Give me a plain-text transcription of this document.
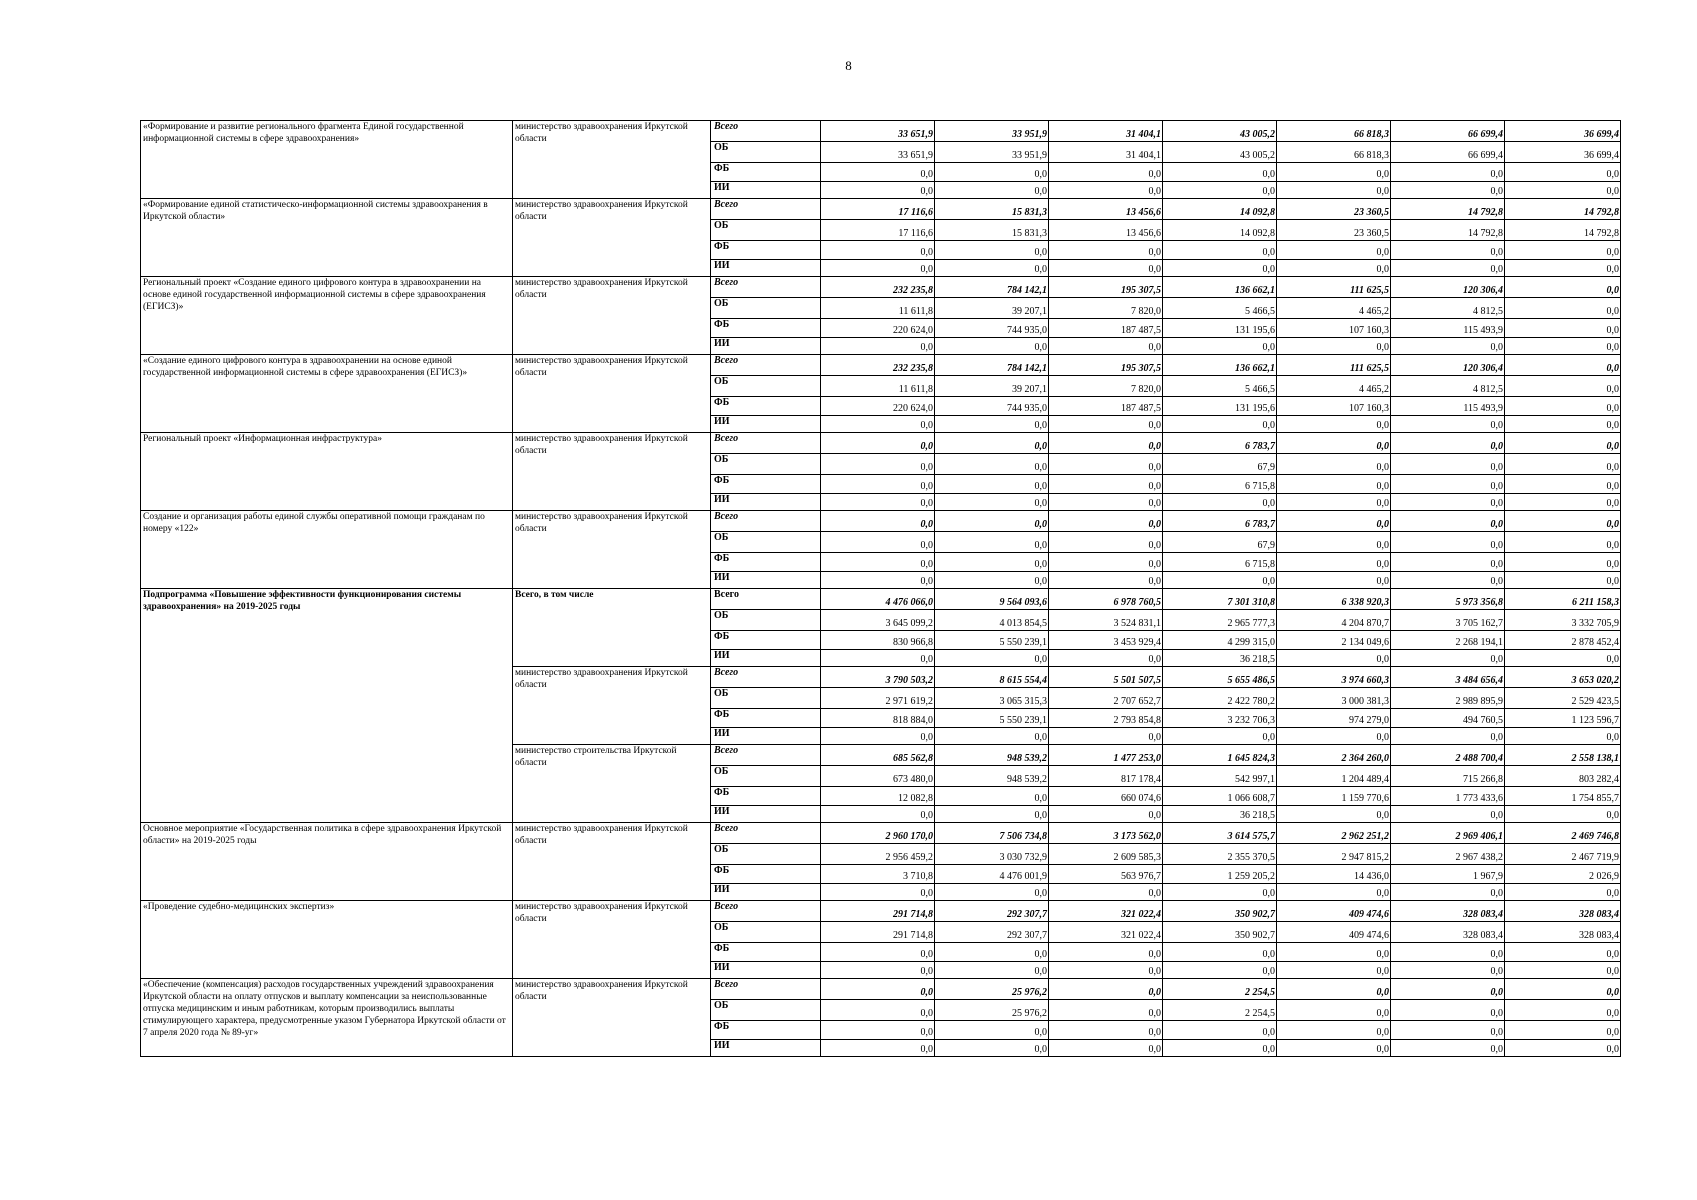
8
«Формирование и развитие регионального фрагмента Единой государственной информационной системы в сфере здравоохранения»	министерство здравоохранения Иркутской области	Всего	33 651,9	33 951,9	31 404,1	43 005,2	66 818,3	66 699,4	36 699,4
		ОБ	33 651,9	33 951,9	31 404,1	43 005,2	66 818,3	66 699,4	36 699,4
		ФБ	0,0	0,0	0,0	0,0	0,0	0,0	0,0
		ИИ	0,0	0,0	0,0	0,0	0,0	0,0	0,0
«Формирование единой статистическо-информационной системы здравоохранения в Иркутской области»	министерство здравоохранения Иркутской области	Всего	17 116,6	15 831,3	13 456,6	14 092,8	23 360,5	14 792,8	14 792,8
		ОБ	17 116,6	15 831,3	13 456,6	14 092,8	23 360,5	14 792,8	14 792,8
		ФБ	0,0	0,0	0,0	0,0	0,0	0,0	0,0
		ИИ	0,0	0,0	0,0	0,0	0,0	0,0	0,0
Региональный проект «Создание единого цифрового контура в здравоохранении на основе единой государственной информационной системы в сфере здравоохранения (ЕГИСЗ)»	министерство здравоохранения Иркутской области	Всего	232 235,8	784 142,1	195 307,5	136 662,1	111 625,5	120 306,4	0,0
		ОБ	11 611,8	39 207,1	7 820,0	5 466,5	4 465,2	4 812,5	0,0
		ФБ	220 624,0	744 935,0	187 487,5	131 195,6	107 160,3	115 493,9	0,0
		ИИ	0,0	0,0	0,0	0,0	0,0	0,0	0,0
«Создание единого цифрового контура в здравоохранении на основе единой государственной информационной системы в сфере здравоохранения (ЕГИСЗ)»	министерство здравоохранения Иркутской области	Всего	232 235,8	784 142,1	195 307,5	136 662,1	111 625,5	120 306,4	0,0
		ОБ	11 611,8	39 207,1	7 820,0	5 466,5	4 465,2	4 812,5	0,0
		ФБ	220 624,0	744 935,0	187 487,5	131 195,6	107 160,3	115 493,9	0,0
		ИИ	0,0	0,0	0,0	0,0	0,0	0,0	0,0
Региональный проект «Информационная инфраструктура»	министерство здравоохранения Иркутской области	Всего	0,0	0,0	0,0	6 783,7	0,0	0,0	0,0
		ОБ	0,0	0,0	0,0	67,9	0,0	0,0	0,0
		ФБ	0,0	0,0	0,0	6 715,8	0,0	0,0	0,0
		ИИ	0,0	0,0	0,0	0,0	0,0	0,0	0,0
Создание и организация работы единой службы оперативной помощи гражданам по номеру «122»	министерство здравоохранения Иркутской области	Всего	0,0	0,0	0,0	6 783,7	0,0	0,0	0,0
		ОБ	0,0	0,0	0,0	67,9	0,0	0,0	0,0
		ФБ	0,0	0,0	0,0	6 715,8	0,0	0,0	0,0
		ИИ	0,0	0,0	0,0	0,0	0,0	0,0	0,0
Подпрограмма «Повышение эффективности функционирования системы здравоохранения» на 2019-2025 годы	Всего, в том числе	Всего	4 476 066,0	9 564 093,6	6 978 760,5	7 301 310,8	6 338 920,3	5 973 356,8	6 211 158,3
		ОБ	3 645 099,2	4 013 854,5	3 524 831,1	2 965 777,3	4 204 870,7	3 705 162,7	3 332 705,9
		ФБ	830 966,8	5 550 239,1	3 453 929,4	4 299 315,0	2 134 049,6	2 268 194,1	2 878 452,4
		ИИ	0,0	0,0	0,0	36 218,5	0,0	0,0	0,0
	министерство здравоохранения Иркутской области	Всего	3 790 503,2	8 615 554,4	5 501 507,5	5 655 486,5	3 974 660,3	3 484 656,4	3 653 020,2
		ОБ	2 971 619,2	3 065 315,3	2 707 652,7	2 422 780,2	3 000 381,3	2 989 895,9	2 529 423,5
		ФБ	818 884,0	5 550 239,1	2 793 854,8	3 232 706,3	974 279,0	494 760,5	1 123 596,7
		ИИ	0,0	0,0	0,0	0,0	0,0	0,0	0,0
	министерство строительства Иркутской области	Всего	685 562,8	948 539,2	1 477 253,0	1 645 824,3	2 364 260,0	2 488 700,4	2 558 138,1
		ОБ	673 480,0	948 539,2	817 178,4	542 997,1	1 204 489,4	715 266,8	803 282,4
		ФБ	12 082,8	0,0	660 074,6	1 066 608,7	1 159 770,6	1 773 433,6	1 754 855,7
		ИИ	0,0	0,0	0,0	36 218,5	0,0	0,0	0,0
Основное мероприятие «Государственная политика в сфере здравоохранения Иркутской области» на 2019-2025 годы	министерство здравоохранения Иркутской области	Всего	2 960 170,0	7 506 734,8	3 173 562,0	3 614 575,7	2 962 251,2	2 969 406,1	2 469 746,8
		ОБ	2 956 459,2	3 030 732,9	2 609 585,3	2 355 370,5	2 947 815,2	2 967 438,2	2 467 719,9
		ФБ	3 710,8	4 476 001,9	563 976,7	1 259 205,2	14 436,0	1 967,9	2 026,9
		ИИ	0,0	0,0	0,0	0,0	0,0	0,0	0,0
«Проведение судебно-медицинских экспертиз»	министерство здравоохранения Иркутской области	Всего	291 714,8	292 307,7	321 022,4	350 902,7	409 474,6	328 083,4	328 083,4
		ОБ	291 714,8	292 307,7	321 022,4	350 902,7	409 474,6	328 083,4	328 083,4
		ФБ	0,0	0,0	0,0	0,0	0,0	0,0	0,0
		ИИ	0,0	0,0	0,0	0,0	0,0	0,0	0,0
«Обеспечение (компенсация) расходов государственных учреждений здравоохранения Иркутской области на оплату отпусков и выплату компенсации за неиспользованные отпуска медицинским и иным работникам, которым производились выплаты стимулирующего характера, предусмотренные указом Губернатора Иркутской области от 7 апреля 2020 года № 89-уг»	министерство здравоохранения Иркутской области	Всего	0,0	25 976,2	0,0	2 254,5	0,0	0,0	0,0
		ОБ	0,0	25 976,2	0,0	2 254,5	0,0	0,0	0,0
		ФБ	0,0	0,0	0,0	0,0	0,0	0,0	0,0
		ИИ	0,0	0,0	0,0	0,0	0,0	0,0	0,0
